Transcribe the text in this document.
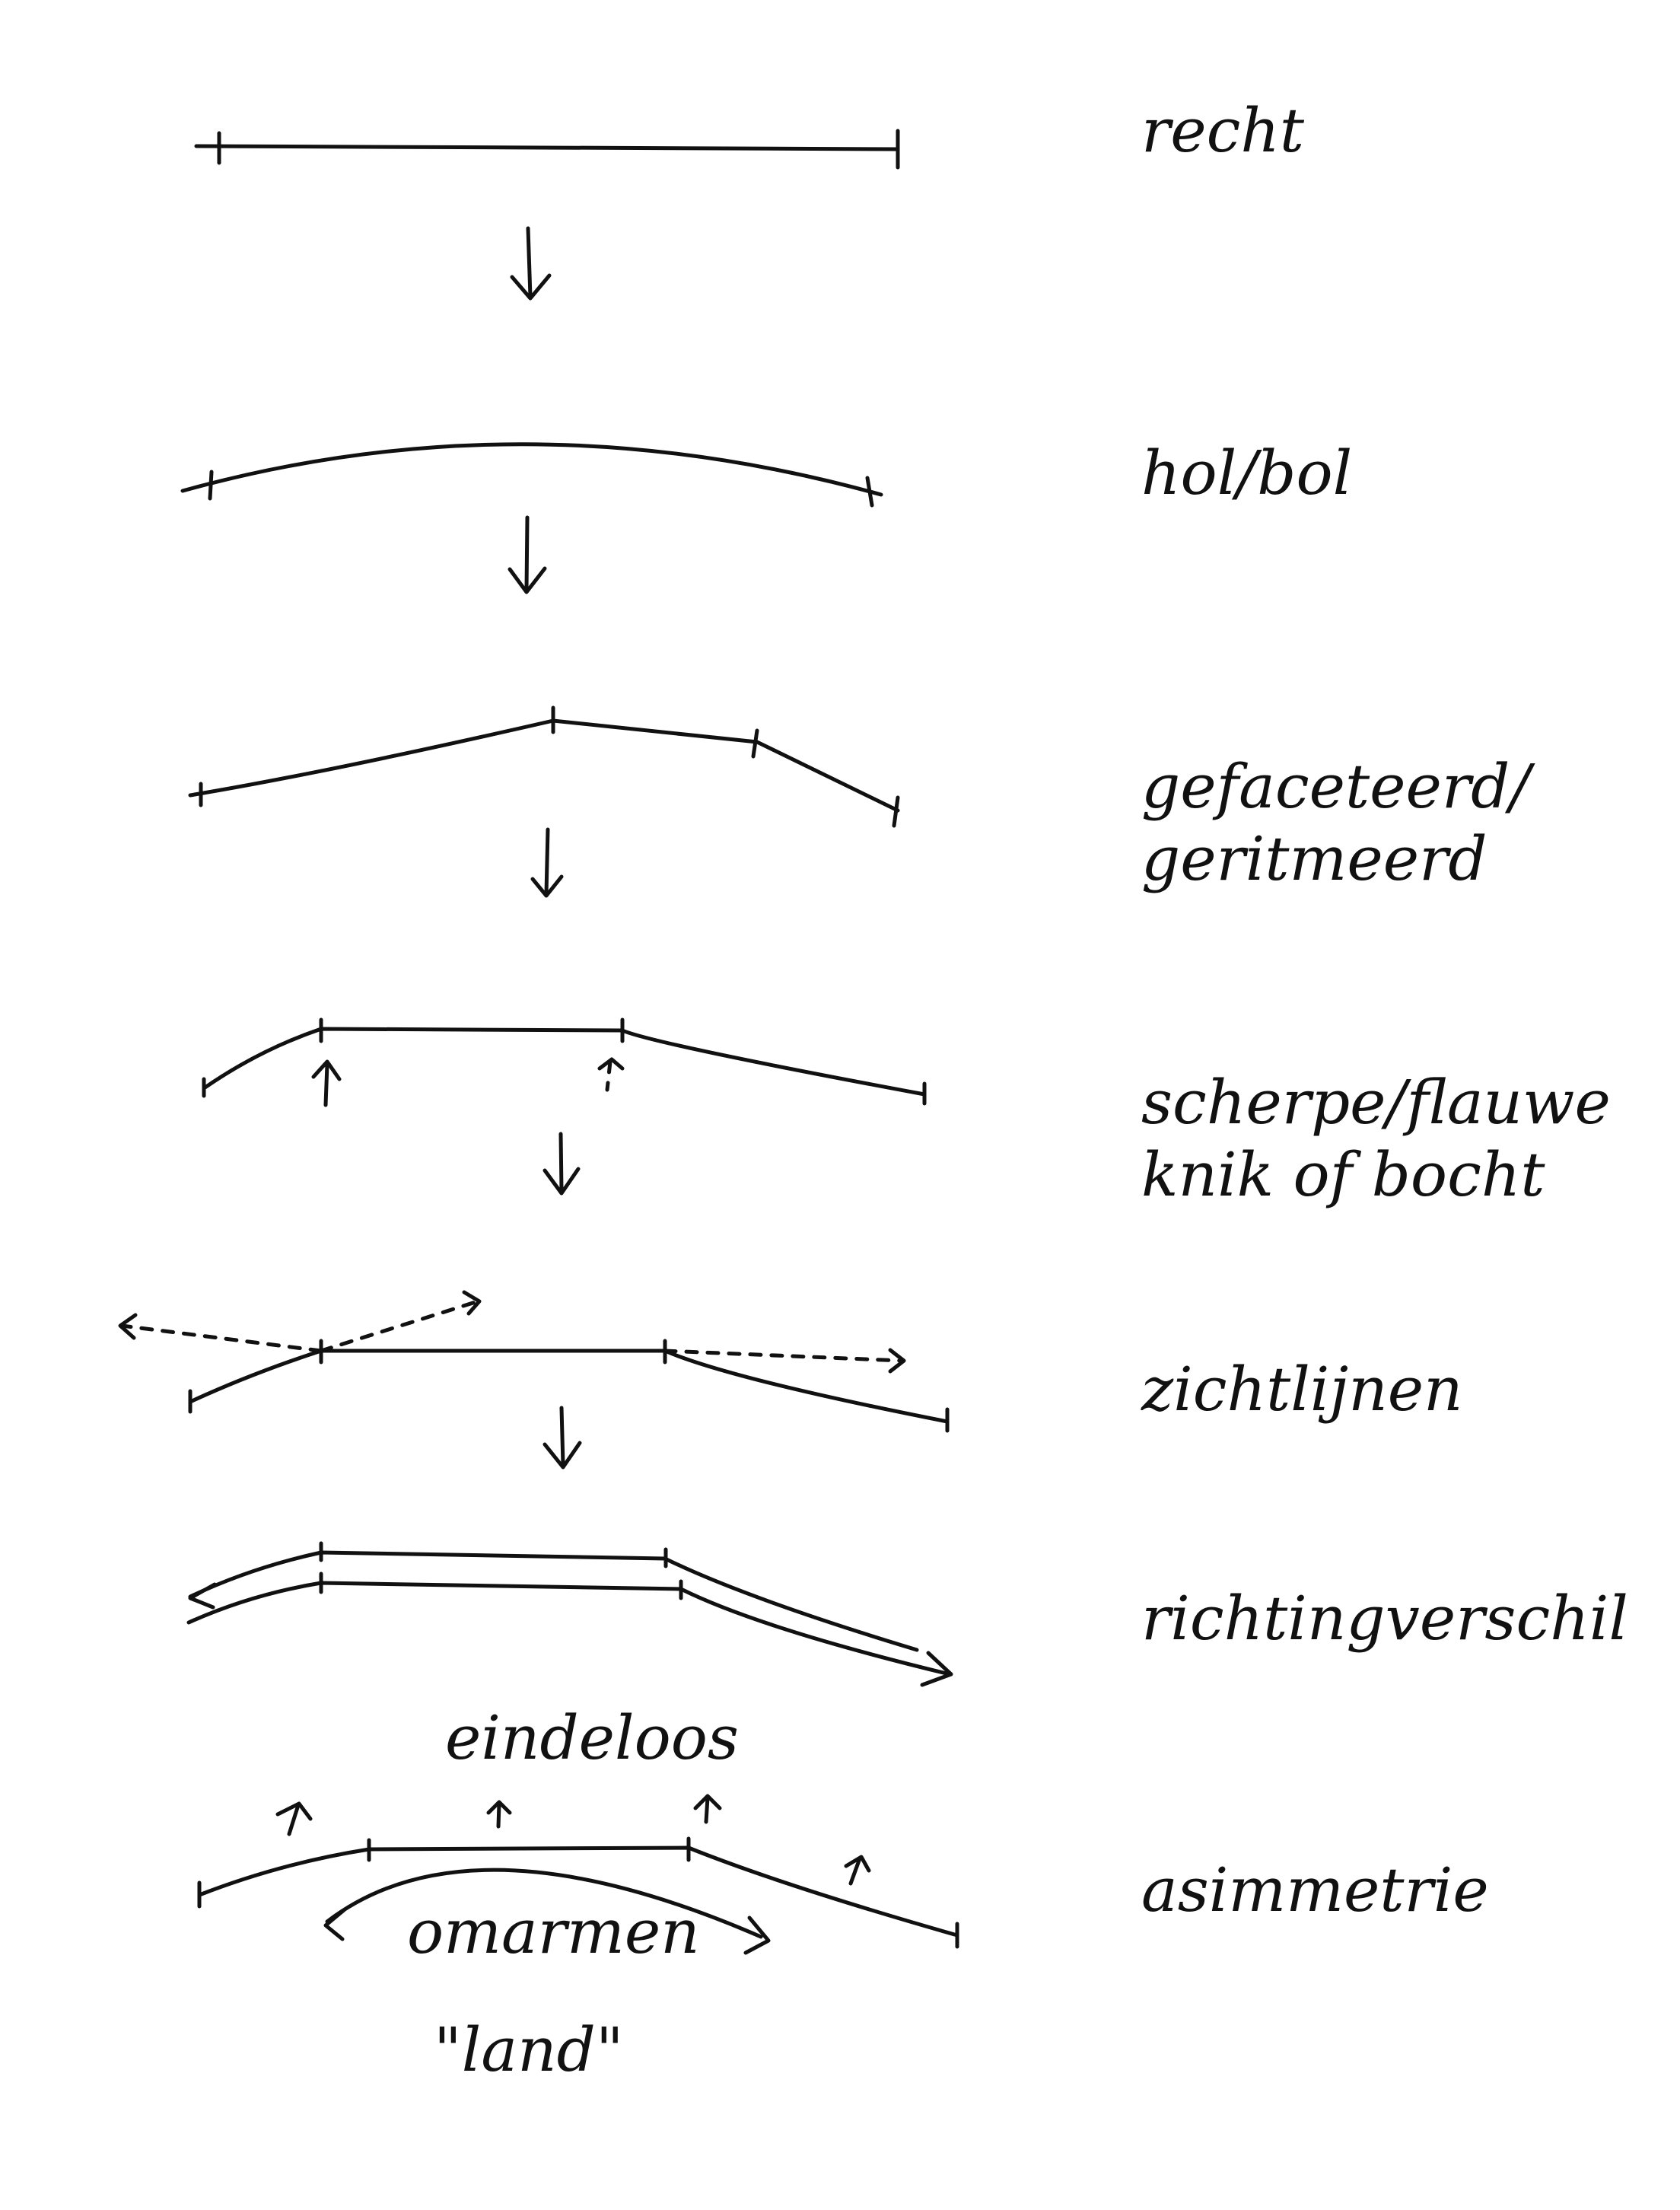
recht
hol/bol
gefaceteerd/
geritmeerd
scherpe/flauwe
knik of bocht
zichtlijnen
richtingverschil
asimmetrie
eindeloos
omarmen
"land"
